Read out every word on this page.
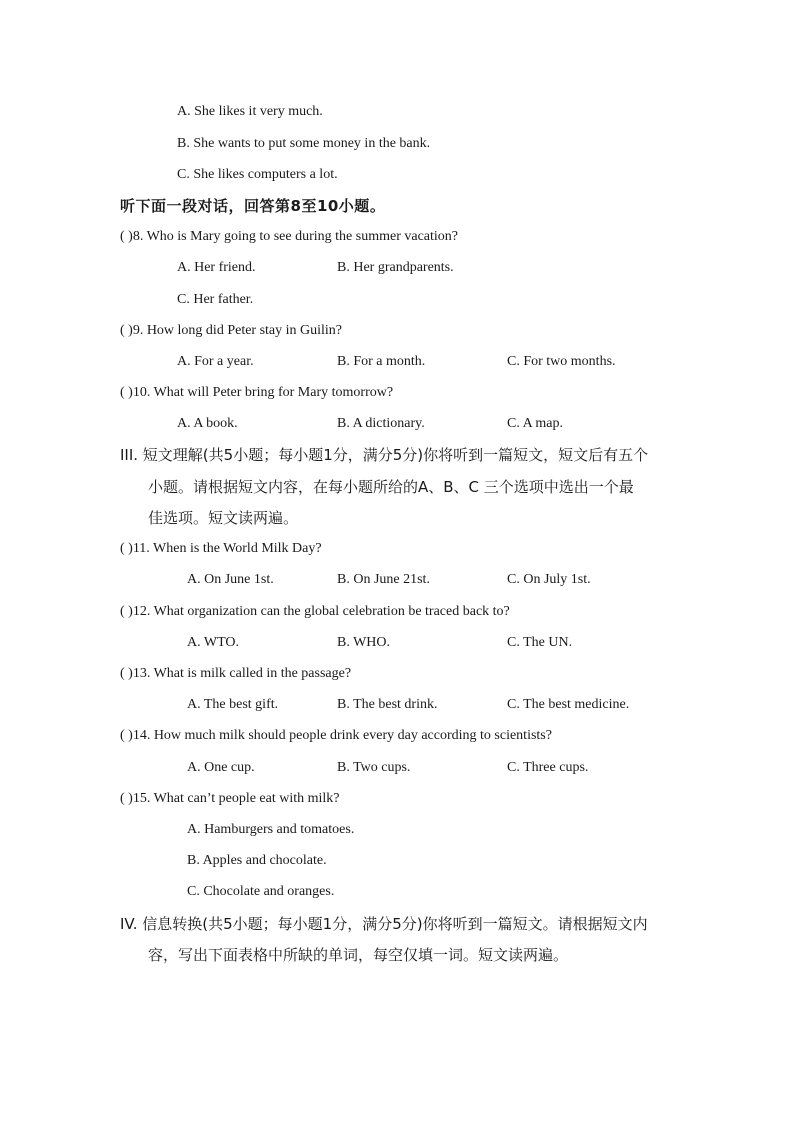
A. She likes it very much.
B. She wants to put some money in the bank.
C. She likes computers a lot.
听下面一段对话，回答第8至10小题。
( )8. Who is Mary going to see during the summer vacation?
A. Her friend.	B. Her grandparents.
C. Her father.
( )9. How long did Peter stay in Guilin?
A. For a year.	B. For a month.	C. For two months.
( )10. What will Peter bring for Mary tomorrow?
A. A book.	B. A dictionary.	C. A map.
III. 短文理解(共5小题；每小题1分，满分5分)你将听到一篇短文，短文后有五个
小题。请根据短文内容，在每小题所给的A、B、C 三个选项中选出一个最
佳选项。短文读两遍。
( )11. When is the World Milk Day?
A. On June 1st.	B. On June 21st.	C. On July 1st.
( )12. What organization can the global celebration be traced back to?
A. WTO.	B. WHO.	C. The UN.
( )13. What is milk called in the passage?
A. The best gift.	B. The best drink.	C. The best medicine.
( )14. How much milk should people drink every day according to scientists?
A. One cup.	B. Two cups.	C. Three cups.
( )15. What can’t people eat with milk?
A. Hamburgers and tomatoes.
B. Apples and chocolate.
C. Chocolate and oranges.
IV. 信息转换(共5小题；每小题1分，满分5分)你将听到一篇短文。请根据短文内
容，写出下面表格中所缺的单词，每空仅填一词。短文读两遍。
